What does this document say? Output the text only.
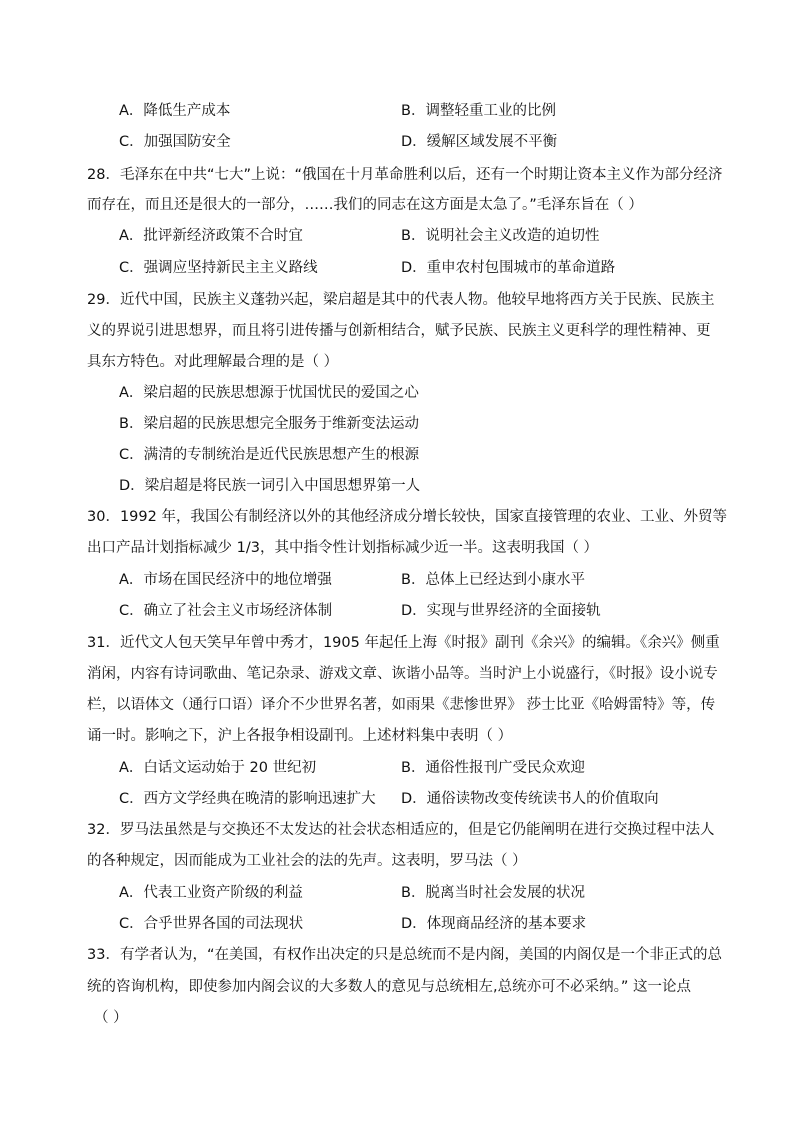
A．降低生产成本	B．调整轻重工业的比例
C．加强国防安全	D．缓解区域发展不平衡
28．毛泽东在中共“七大”上说：“俄国在十月革命胜利以后，还有一个时期让资本主义作为部分经济
而存在，而且还是很大的一部分，……我们的同志在这方面是太急了。”毛泽东旨在（ ）
A．批评新经济政策不合时宜	B．说明社会主义改造的迫切性
C．强调应坚持新民主主义路线	D．重申农村包围城市的革命道路
29．近代中国，民族主义蓬勃兴起，梁启超是其中的代表人物。他较早地将西方关于民族、民族主
义的界说引进思想界，而且将引进传播与创新相结合，赋予民族、民族主义更科学的理性精神、更
具东方特色。对此理解最合理的是（ ）
A．梁启超的民族思想源于忧国忧民的爱国之心
B．梁启超的民族思想完全服务于维新变法运动
C．满清的专制统治是近代民族思想产生的根源
D．梁启超是将民族一词引入中国思想界第一人
30．1992 年，我国公有制经济以外的其他经济成分增长较快，国家直接管理的农业、工业、外贸等
出口产品计划指标减少 1/3，其中指令性计划指标减少近一半。这表明我国（ ）
A．市场在国民经济中的地位增强	B．总体上已经达到小康水平
C．确立了社会主义市场经济体制	D．实现与世界经济的全面接轨
31．近代文人包天笑早年曾中秀才，1905 年起任上海《时报》副刊《余兴》的编辑。《余兴》侧重
消闲，内容有诗词歌曲、笔记杂录、游戏文章、诙谐小品等。当时沪上小说盛行，《时报》设小说专
栏，以语体文（通行口语）译介不少世界名著，如雨果《悲惨世界》 莎士比亚《哈姆雷特》等，传
诵一时。影响之下，沪上各报争相设副刊。上述材料集中表明（ ）
A．白话文运动始于 20 世纪初	B．通俗性报刊广受民众欢迎
C．西方文学经典在晚清的影响迅速扩大 D．通俗读物改变传统读书人的价值取向
32．罗马法虽然是与交换还不太发达的社会状态相适应的，但是它仍能阐明在进行交换过程中法人
的各种规定，因而能成为工业社会的法的先声。这表明，罗马法（ ）
A．代表工业资产阶级的利益	B．脱离当时社会发展的状况
C．合乎世界各国的司法现状	D．体现商品经济的基本要求
33．有学者认为，“在美国，有权作出决定的只是总统而不是内阁，美国的内阁仅是一个非正式的总
统的咨询机构，即使参加内阁会议的大多数人的意见与总统相左,总统亦可不必采纳。” 这一论点
（ ）
